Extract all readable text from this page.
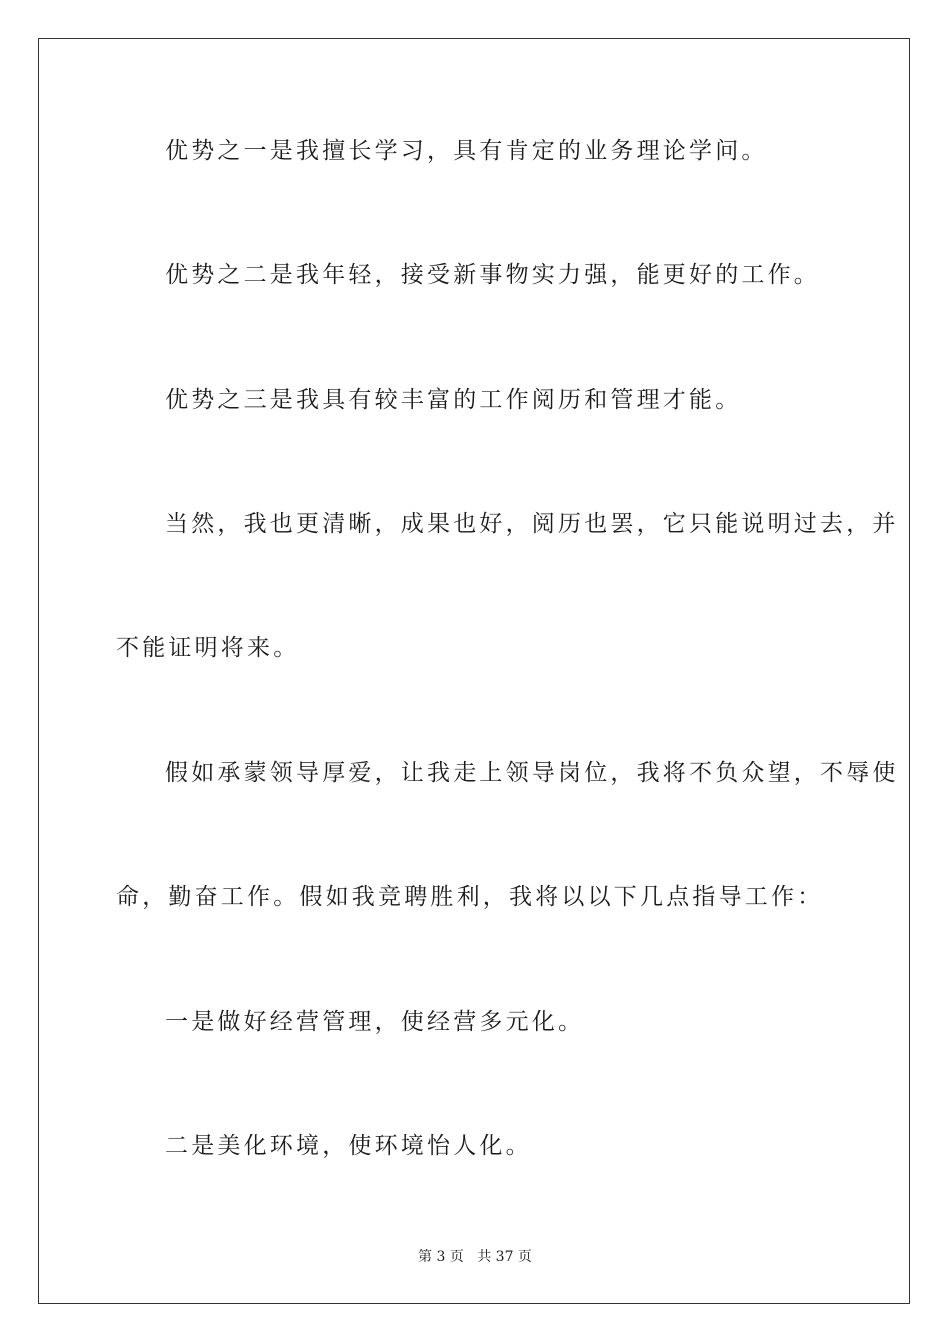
优势之一是我擅长学习，具有肯定的业务理论学问。
优势之二是我年轻，接受新事物实力强，能更好的工作。
优势之三是我具有较丰富的工作阅历和管理才能。
当然，我也更清晰，成果也好，阅历也罢，它只能说明过去，并
不能证明将来。
假如承蒙领导厚爱，让我走上领导岗位，我将不负众望，不辱使
命，勤奋工作。假如我竞聘胜利，我将以以下几点指导工作：
一是做好经营管理，使经营多元化。
二是美化环境，使环境怡人化。
第 3 页 共 37 页
